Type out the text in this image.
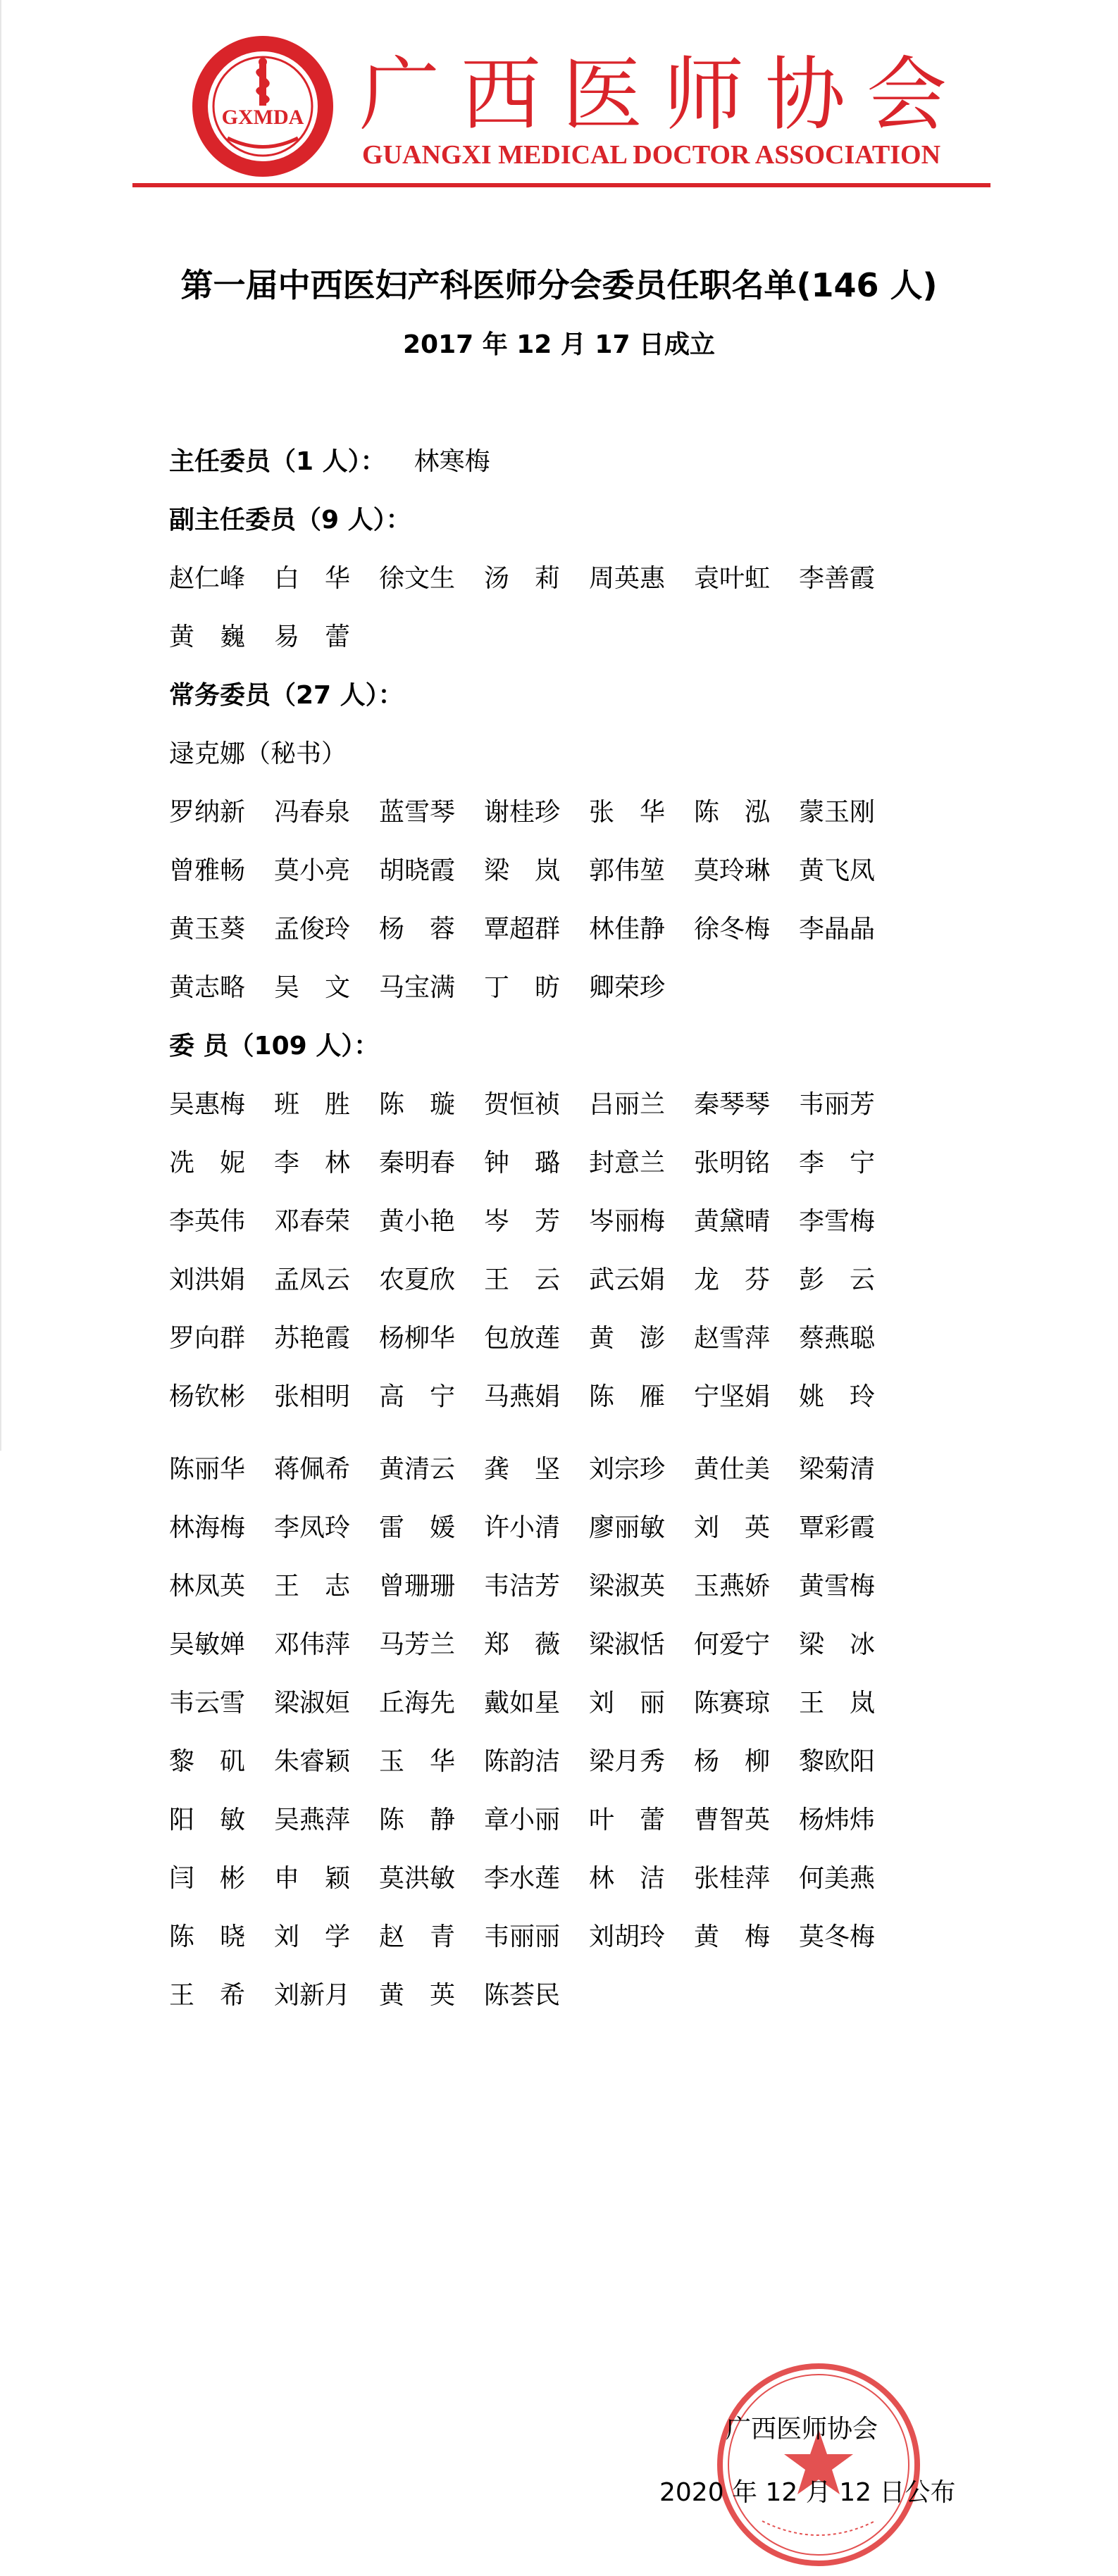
GXMDA 广西医师协会
GUANGXI MEDICAL DOCTOR ASSOCIATION
第一届中西医妇产科医师分会委员任职名单(146 人)
2017 年 12 月 17 日成立
主任委员（1 人）： 林寒梅
副主任委员（9 人）：
赵仁峰	白　华	徐文生	汤　莉	周英惠	袁叶虹	李善霞
黄　巍	易　蕾
常务委员（27 人）：
逯克娜（秘书）
罗纳新	冯春泉	蓝雪琴	谢桂珍	张　华	陈　泓	蒙玉刚
曾雅畅	莫小亮	胡晓霞	梁　岚	郭伟堃	莫玲琳	黄飞凤
黄玉葵	孟俊玲	杨　蓉	覃超群	林佳静	徐冬梅	李晶晶
黄志略	吴　文	马宝满	丁　昉	卿荣珍
委 员（109 人）：
吴惠梅	班　胜	陈　璇	贺恒祯	吕丽兰	秦琴琴	韦丽芳
冼　妮	李　林	秦明春	钟　璐	封意兰	张明铭	李　宁
李英伟	邓春荣	黄小艳	岑　芳	岑丽梅	黄黛晴	李雪梅
刘洪娟	孟凤云	农夏欣	王　云	武云娟	龙　芬	彭　云
罗向群	苏艳霞	杨柳华	包放莲	黄　澎	赵雪萍	蔡燕聪
杨钦彬	张相明	高　宁	马燕娟	陈　雁	宁坚娟	姚　玲
陈丽华	蒋佩希	黄清云	龚　坚	刘宗珍	黄仕美	梁菊清
林海梅	李凤玲	雷　媛	许小清	廖丽敏	刘　英	覃彩霞
林凤英	王　志	曾珊珊	韦洁芳	梁淑英	玉燕娇	黄雪梅
吴敏婵	邓伟萍	马芳兰	郑　薇	梁淑恬	何爱宁	梁　冰
韦云雪	梁淑姮	丘海先	戴如星	刘　丽	陈赛琼	王　岚
黎　矶	朱睿颖	玉　华	陈韵洁	梁月秀	杨　柳	黎欧阳
阳　敏	吴燕萍	陈　静	章小丽	叶　蕾	曹智英	杨炜炜
闫　彬	申　颖	莫洪敏	李水莲	林　洁	张桂萍	何美燕
陈　晓	刘　学	赵　青	韦丽丽	刘胡玲	黄　梅	莫冬梅
王　希	刘新月	黄　英	陈荟民
广西医师协会
2020 年 12 月 12 日公布
